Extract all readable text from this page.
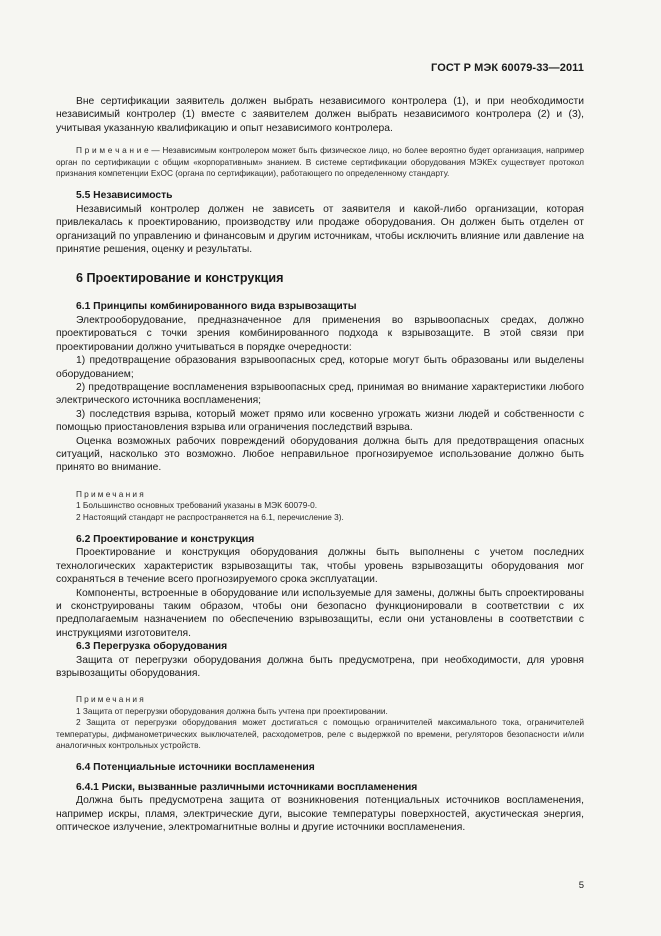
ГОСТ Р МЭК 60079-33—2011
Вне сертификации заявитель должен выбрать независимого контролера (1), и при необходимости независимый контролер (1) вместе с заявителем должен выбрать независимого контролера (2) и (3), учитывая указанную квалификацию и опыт независимого контролера.
П р и м е ч а н и е — Независимым контролером может быть физическое лицо, но более вероятно будет организация, например орган по сертификации с общим «корпоративным» знанием. В системе сертификации оборудования МЭКЕх существует протокол признания компетенции ExOC (органа по сертификации), работающего по определенному стандарту.
5.5 Независимость
Независимый контролер должен не зависеть от заявителя и какой-либо организации, которая привлекалась к проектированию, производству или продаже оборудования. Он должен быть отделен от организаций по управлению и финансовым и другим источникам, чтобы исключить влияние или давление на принятие решения, оценку и результаты.
6 Проектирование и конструкция
6.1 Принципы комбинированного вида взрывозащиты
Электрооборудование, предназначенное для применения во взрывоопасных средах, должно проектироваться с точки зрения комбинированного подхода к взрывозащите. В этой связи при проектировании должно учитываться в порядке очередности:
1) предотвращение образования взрывоопасных сред, которые могут быть образованы или выделены оборудованием;
2) предотвращение воспламенения взрывоопасных сред, принимая во внимание характеристики любого электрического источника воспламенения;
3) последствия взрыва, который может прямо или косвенно угрожать жизни людей и собственности с помощью приостановления взрыва или ограничения последствий взрыва.
Оценка возможных рабочих повреждений оборудования должна быть для предотвращения опасных ситуаций, насколько это возможно. Любое неправильное прогнозируемое использование должно быть принято во внимание.
Примечания
1 Большинство основных требований указаны в МЭК 60079-0.
2 Настоящий стандарт не распространяется на 6.1, перечисление 3).
6.2 Проектирование и конструкция
Проектирование и конструкция оборудования должны быть выполнены с учетом последних технологических характеристик взрывозащиты так, чтобы уровень взрывозащиты оборудования мог сохраняться в течение всего прогнозируемого срока эксплуатации.
Компоненты, встроенные в оборудование или используемые для замены, должны быть спроектированы и сконструированы таким образом, чтобы они безопасно функционировали в соответствии с их предполагаемым назначением по обеспечению взрывозащиты, если они установлены в соответствии с инструкциями изготовителя.
6.3 Перегрузка оборудования
Защита от перегрузки оборудования должна быть предусмотрена, при необходимости, для уровня взрывозащиты оборудования.
Примечания
1 Защита от перегрузки оборудования должна быть учтена при проектировании.
2 Защита от перегрузки оборудования может достигаться с помощью ограничителей максимального тока, ограничителей температуры, дифманометрических выключателей, расходометров, реле с выдержкой по времени, регуляторов безопасности и/или аналогичных контрольных устройств.
6.4 Потенциальные источники воспламенения
6.4.1 Риски, вызванные различными источниками воспламенения
Должна быть предусмотрена защита от возникновения потенциальных источников воспламенения, например искры, пламя, электрические дуги, высокие температуры поверхностей, акустическая энергия, оптическое излучение, электромагнитные волны и другие источники воспламенения.
5
